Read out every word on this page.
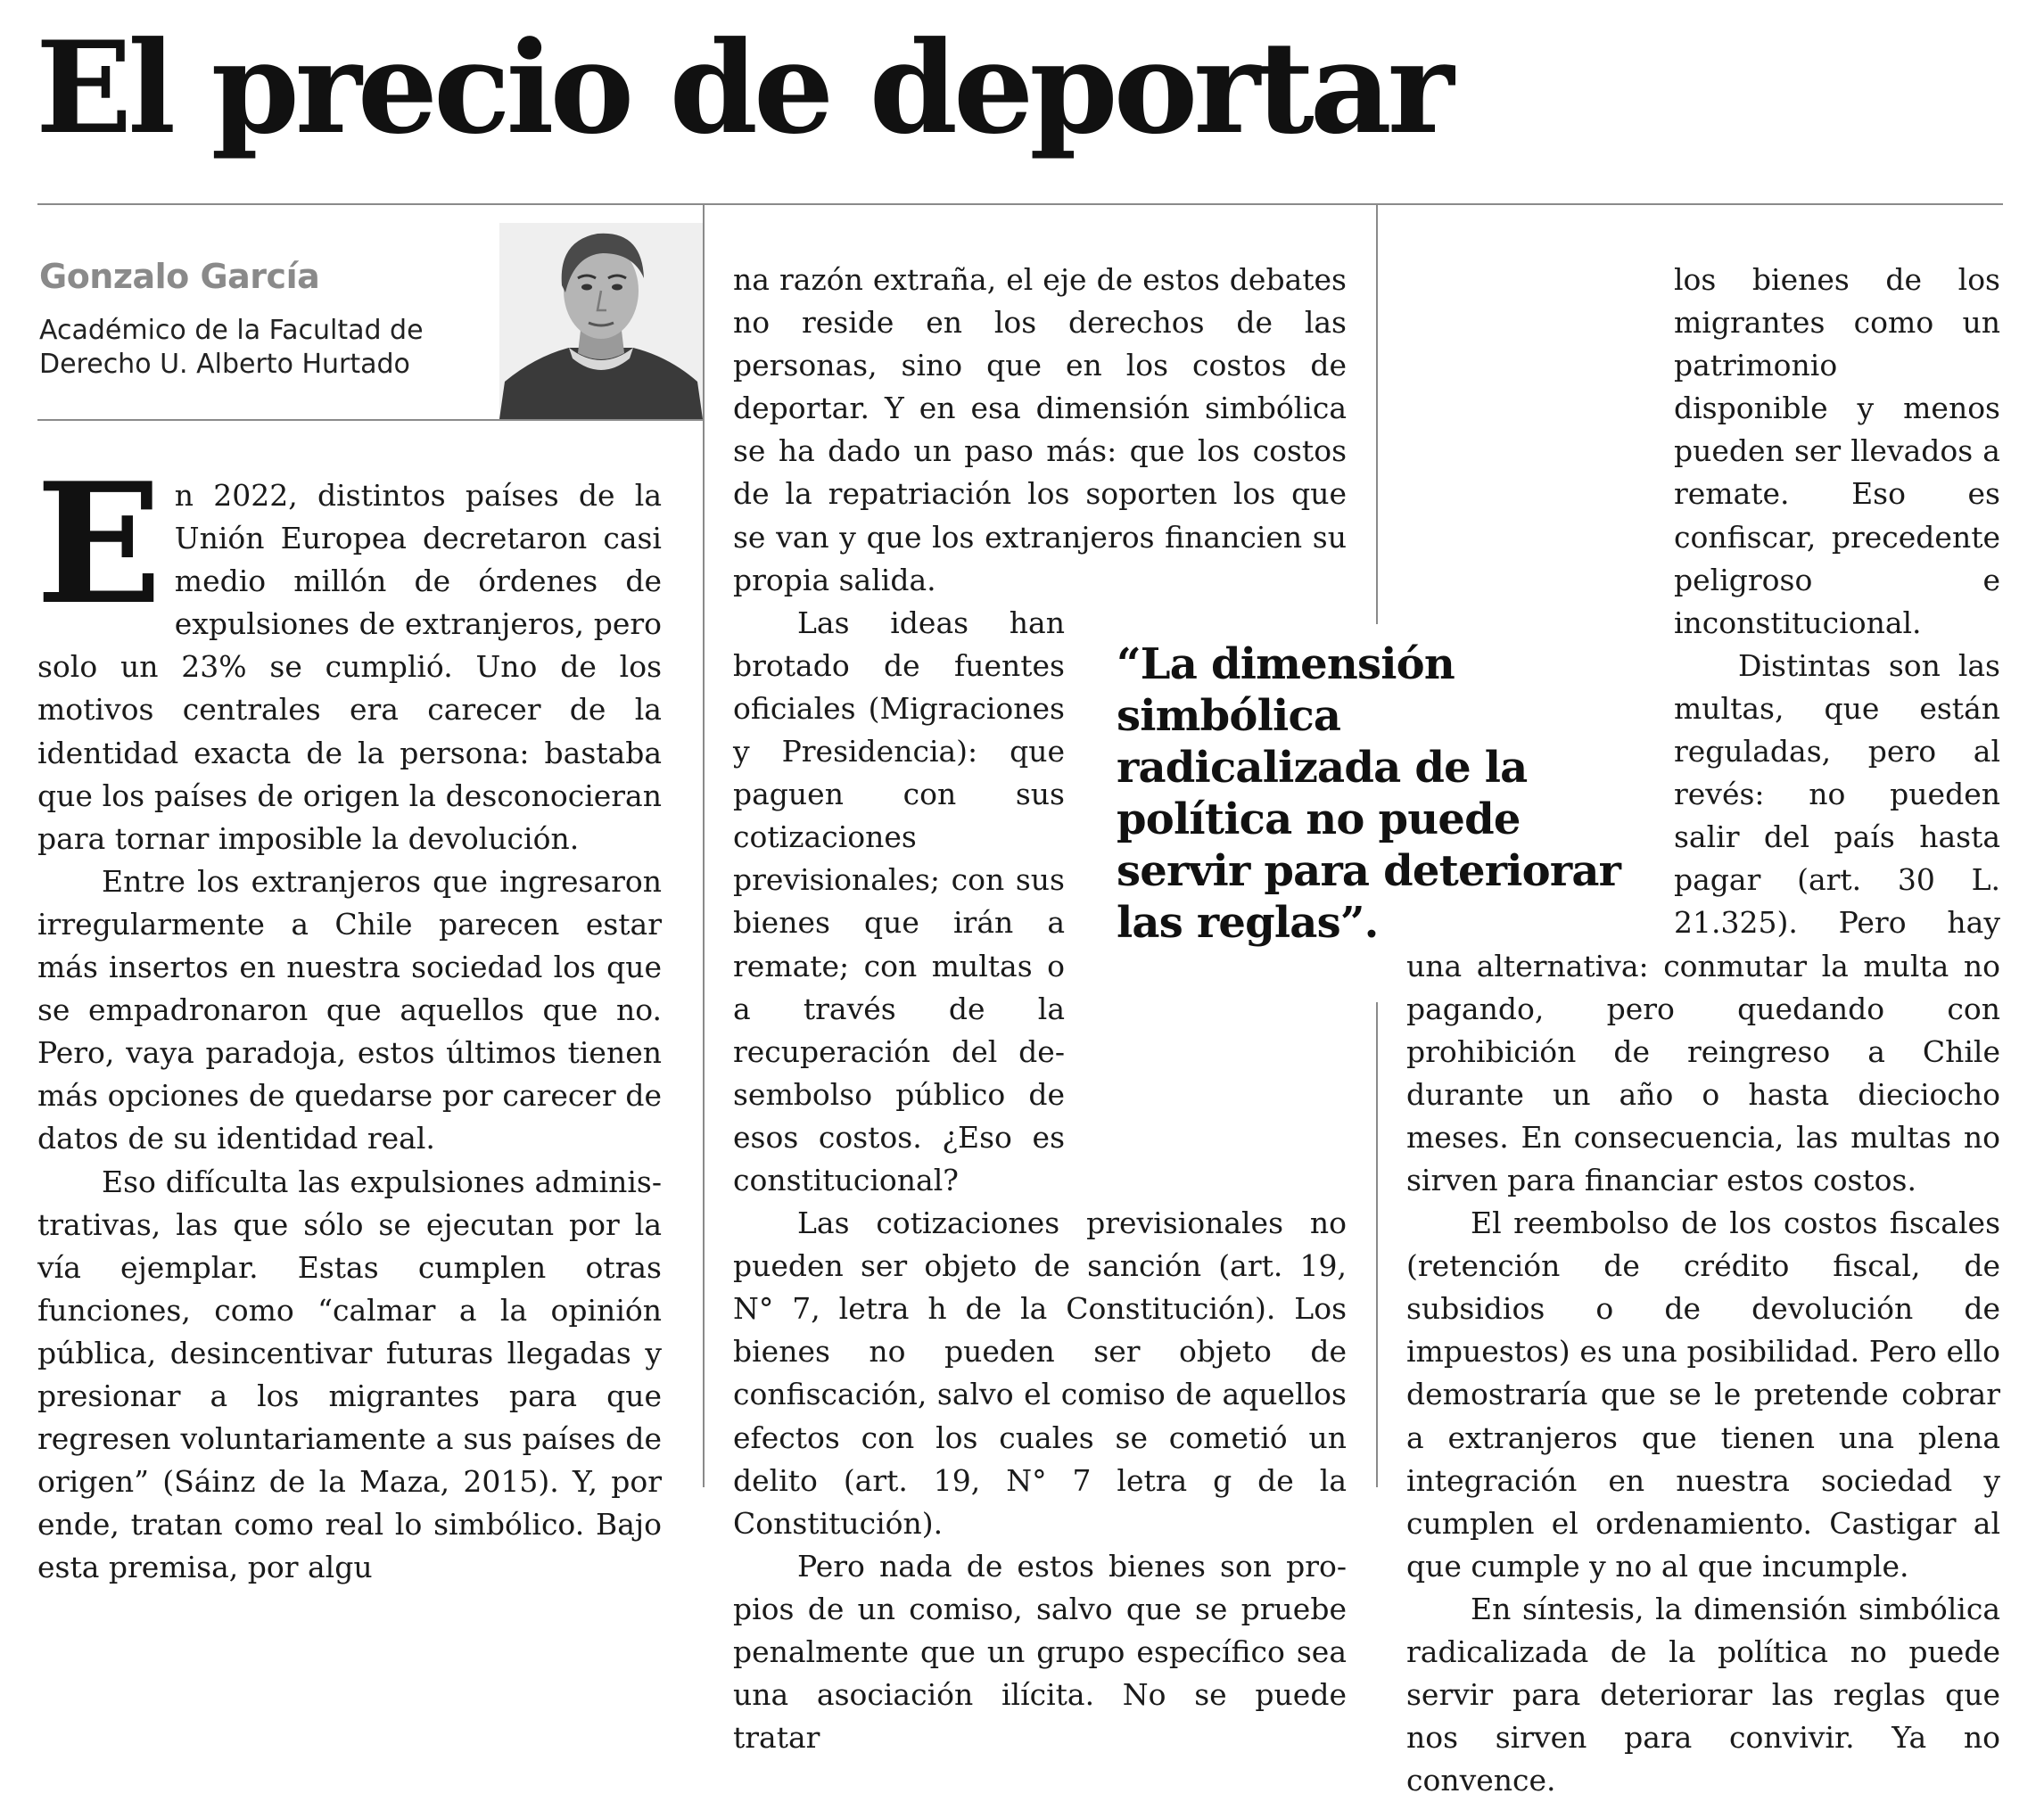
El precio de deportar

Gonzalo García

Académico de la Facultad de Derecho U. Alberto Hurtado

En 2022, distintos países de la Unión Europea decretaron casi medio millón de órdenes de expulsiones de extranjeros, pero solo un 23% se cumplió. Uno de los motivos centrales era carecer de la identidad exacta de la persona: bastaba que los países de origen la desconocieran para tornar imposible la devolución.

Entre los extranjeros que ingresaron irregularmente a Chile parecen estar más insertos en nuestra sociedad los que se empadronaron que aquellos que no. Pero, vaya paradoja, estos últimos tienen más opciones de quedarse por carecer de datos de su identidad real.

Eso difículta las expulsiones administrativas, las que sólo se ejecutan por la vía ejemplar. Estas cumplen otras funciones, como “calmar a la opinión pública, desincentivar futuras llegadas y presionar a los migrantes para que regresen voluntariamente a sus países de origen” (Sáinz de la Maza, 2015). Y, por ende, tratan como real lo simbólico. Bajo esta premisa, por algu

na razón extraña, el eje de estos debates no reside en los derechos de las personas, sino que en los costos de deportar. Y en esa dimensión simbólica se ha dado un paso más: que los costos de la repatriación los soporten los que se van y que los extranjeros financien su propia salida.

Las ideas han brotado de fuentes oficiales (Migraciones y Presidencia): que paguen con sus cotizaciones previsionales; con sus bienes que irán a remate; con multas o a través de la recuperación del desembolso público de esos costos. ¿Eso es constitucional?

Las cotizaciones previsionales no pueden ser objeto de sanción (art. 19, N° 7, letra h de la Constitución). Los bienes no pueden ser objeto de confiscación, salvo el comiso de aquellos efectos con los cuales se cometió un delito (art. 19, N° 7 letra g de la Constitución).

Pero nada de estos bienes son propios de un comiso, salvo que se pruebe penalmente que un grupo específico sea una asociación ilícita. No se puede tratar

los bienes de los migrantes como un patrimonio disponible y menos pueden ser llevados a remate. Eso es confiscar, precedente peligroso e inconstitucional.

Distintas son las multas, que están reguladas, pero al revés: no pueden salir del país hasta pagar (art. 30 L. 21.325). Pero hay una alternativa: conmutar la multa no pagando, pero quedando con prohibición de reingreso a Chile durante un año o hasta dieciocho meses. En consecuencia, las multas no sirven para financiar estos costos.

El reembolso de los costos fiscales (retención de crédito fiscal, de subsidios o de devolución de impuestos) es una posibilidad. Pero ello demostraría que se le pretende cobrar a extranjeros que tienen una plena integración en nuestra sociedad y cumplen el ordenamiento. Castigar al que cumple y no al que incumple.

En síntesis, la dimensión simbólica radicalizada de la política no puede servir para deteriorar las reglas que nos sirven para convivir. Ya no convence.

“La dimensión simbólica radicalizada de la política no puede servir para deteriorar las reglas”.
